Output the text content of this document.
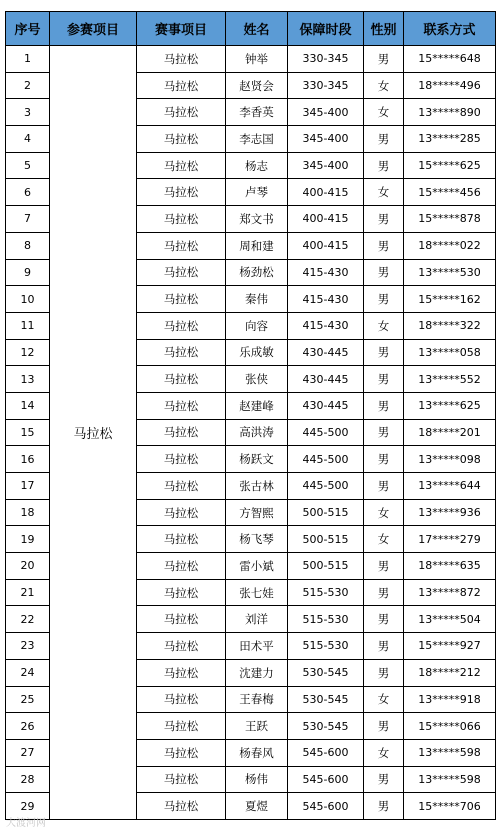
序号	参赛项目	赛事项目	姓名	保障时段	性别	联系方式
1	马拉松	马拉松	钟举	330-345	男	15*****648
2		马拉松	赵贤会	330-345	女	18*****496
3		马拉松	李香英	345-400	女	13*****890
4		马拉松	李志国	345-400	男	13*****285
5		马拉松	杨志	345-400	男	15*****625
6		马拉松	卢琴	400-415	女	15*****456
7		马拉松	郑文书	400-415	男	15*****878
8		马拉松	周和建	400-415	男	18*****022
9		马拉松	杨劲松	415-430	男	13*****530
10		马拉松	秦伟	415-430	男	15*****162
11		马拉松	向容	415-430	女	18*****322
12		马拉松	乐成敏	430-445	男	13*****058
13		马拉松	张侠	430-445	男	13*****552
14		马拉松	赵建峰	430-445	男	13*****625
15		马拉松	高洪涛	445-500	男	18*****201
16		马拉松	杨跃文	445-500	男	13*****098
17		马拉松	张古林	445-500	男	13*****644
18		马拉松	方智熙	500-515	女	13*****936
19		马拉松	杨飞琴	500-515	女	17*****279
20		马拉松	雷小斌	500-515	男	18*****635
21		马拉松	张七娃	515-530	男	13*****872
22		马拉松	刘洋	515-530	男	13*****504
23		马拉松	田术平	515-530	男	15*****927
24		马拉松	沈建力	530-545	男	18*****212
25		马拉松	王春梅	530-545	女	13*****918
26		马拉松	王跃	530-545	男	15*****066
27		马拉松	杨春风	545-600	女	13*****598
28		马拉松	杨伟	545-600	男	13*****598
29		马拉松	夏煜	545-600	男	15*****706
大渡河网
